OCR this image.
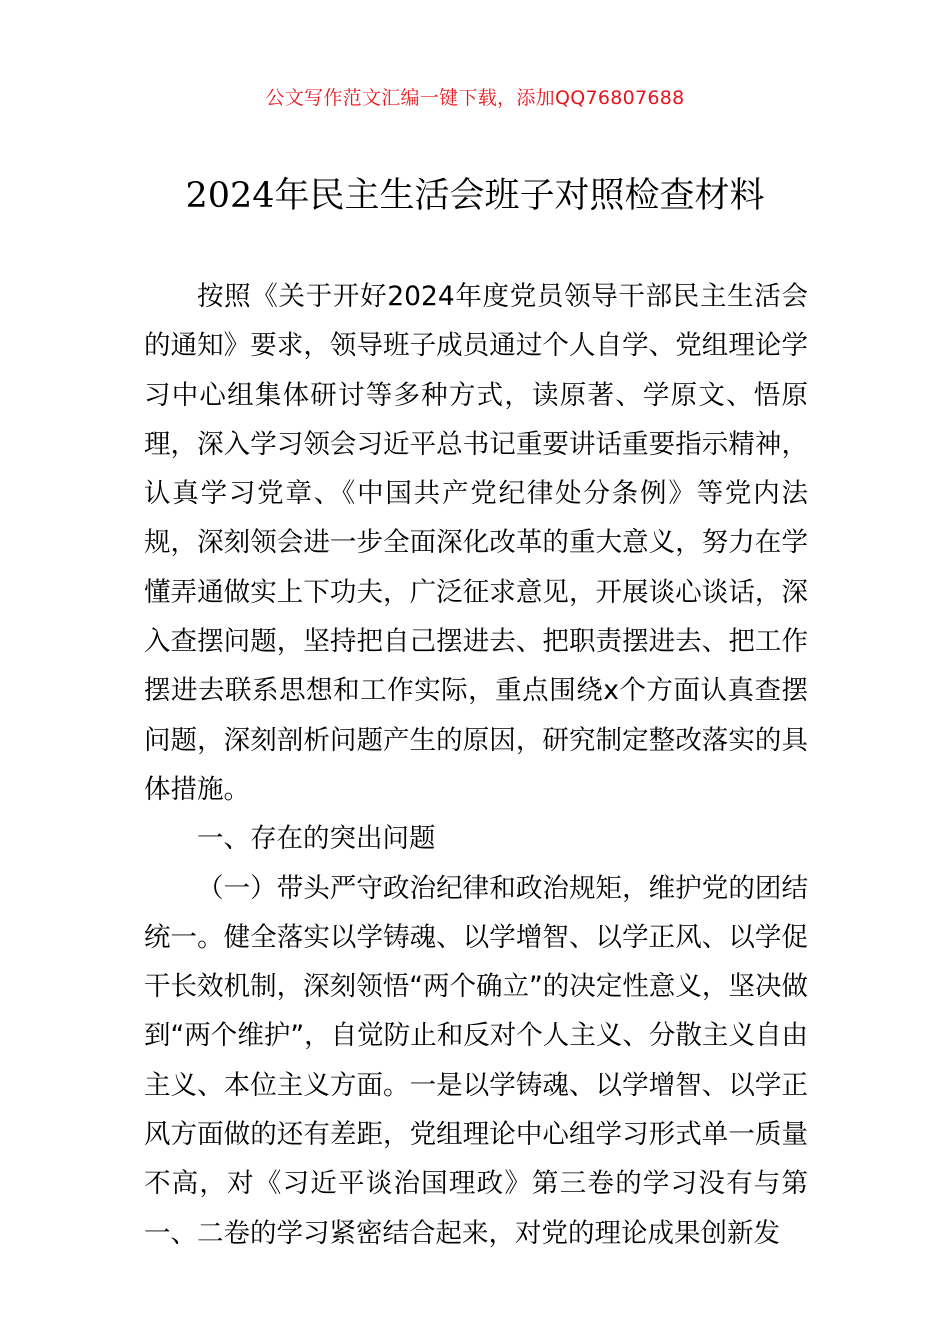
公文写作范文汇编一键下载，添加QQ76807688
2024年民主生活会班子对照检查材料

按照《关于开好2024年度党员领导干部民主生活会的通知》要求，领导班子成员通过个人自学、党组理论学习中心组集体研讨等多种方式，读原著、学原文、悟原理，深入学习领会习近平总书记重要讲话重要指示精神，认真学习党章、《中国共产党纪律处分条例》等党内法规，深刻领会进一步全面深化改革的重大意义，努力在学懂弄通做实上下功夫，广泛征求意见，开展谈心谈话，深入查摆问题，坚持把自己摆进去、把职责摆进去、把工作摆进去联系思想和工作实际，重点围绕x个方面认真查摆问题，深刻剖析问题产生的原因，研究制定整改落实的具体措施。

一、存在的突出问题

（一）带头严守政治纪律和政治规矩，维护党的团结统一。健全落实以学铸魂、以学增智、以学正风、以学促干长效机制，深刻领悟“两个确立”的决定性意义，坚决做到“两个维护”，自觉防止和反对个人主义、分散主义自由主义、本位主义方面。一是以学铸魂、以学增智、以学正风方面做的还有差距，党组理论中心组学习形式单一质量不高，对《习近平谈治国理政》第三卷的学习没有与第一、二卷的学习紧密结合起来，对党的理论成果创新发
